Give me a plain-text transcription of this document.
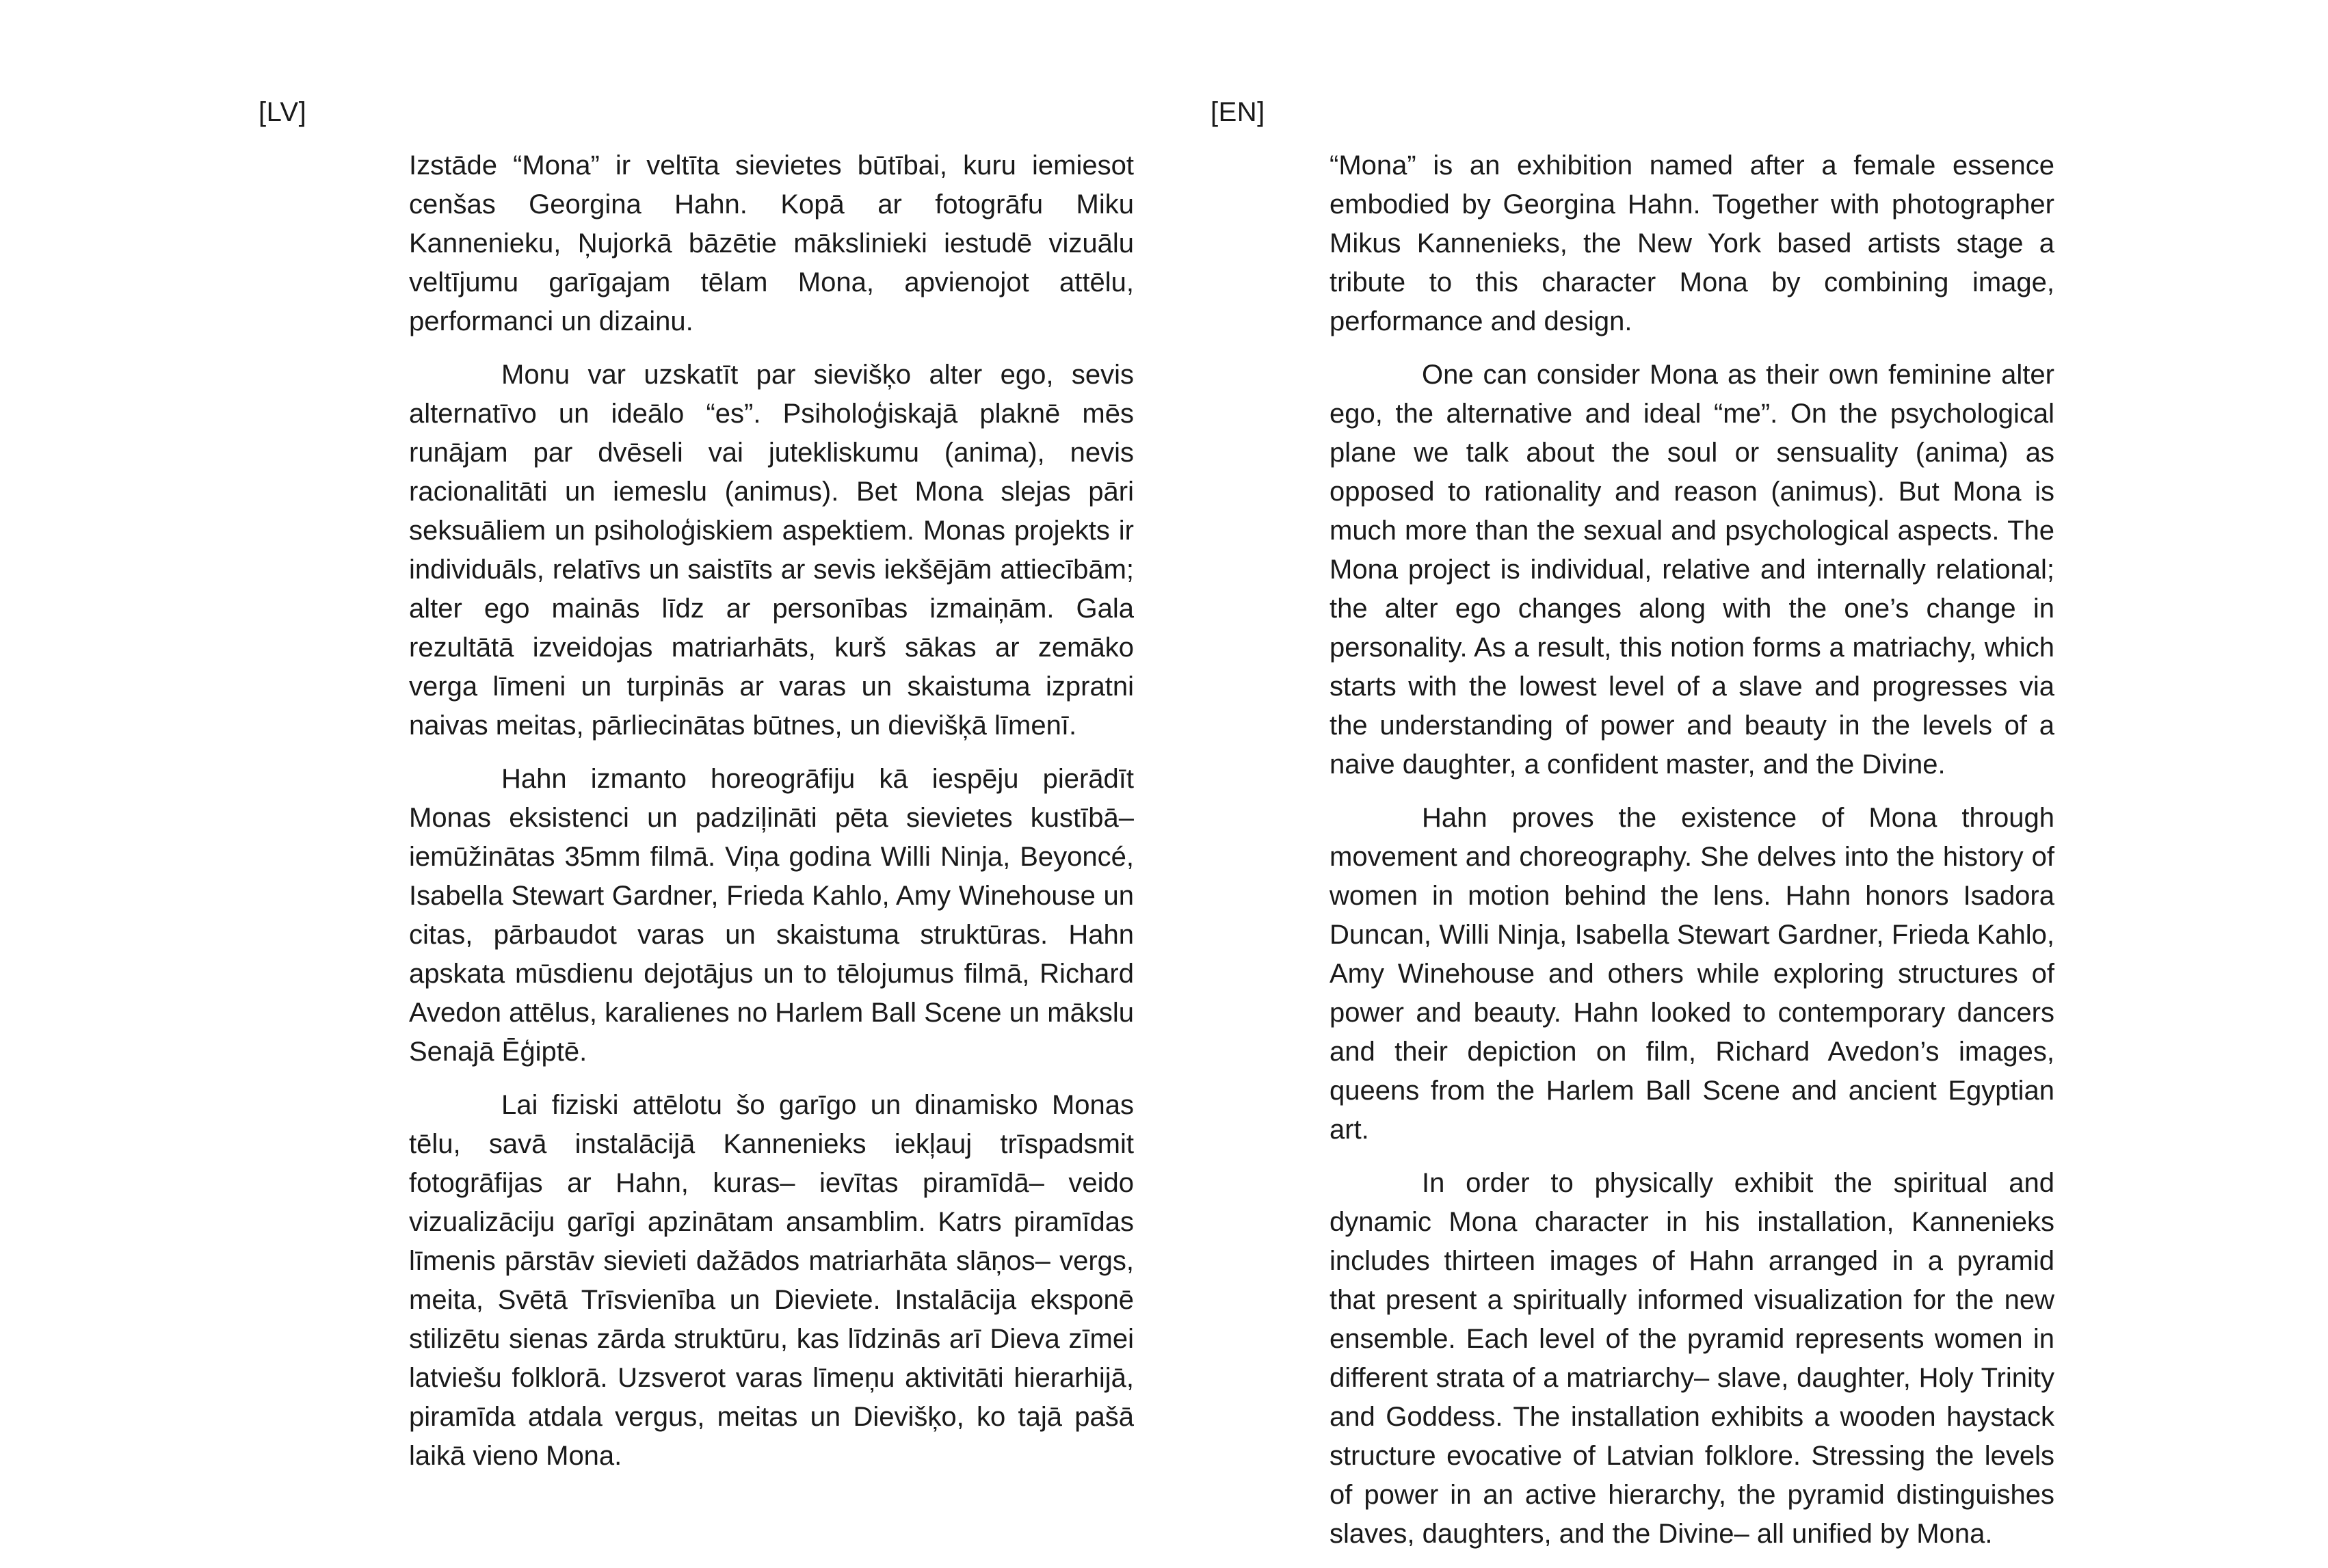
[LV]	[EN]

Izstāde “Mona” ir veltīta sievietes būtībai, kuru iemiesot cenšas Georgina Hahn. Kopā ar fotogrāfu Miku Kannenieku, Ņujorkā bāzētie mākslinieki iestudē vizuālu veltījumu garīgajam tēlam Mona, apvienojot attēlu, performanci un dizainu.

Monu var uzskatīt par sievišķo alter ego, sevis alternatīvo un ideālo “es”. Psiholoģiskajā plaknē mēs runājam par dvēseli vai jutekliskumu (anima), nevis racionalitāti un iemeslu (animus). Bet Mona slejas pāri seksuāliem un psiholoģiskiem aspektiem. Monas projekts ir individuāls, relatīvs un saistīts ar sevis iekšējām attiecībām; alter ego mainās līdz ar personības izmaiņām. Gala rezultātā izveidojas matriarhāts, kurš sākas ar zemāko verga līmeni un turpinās ar varas un skaistuma izpratni naivas meitas, pārliecinātas būtnes, un dievišķā līmenī.

Hahn izmanto horeogrāfiju kā iespēju pierādīt Monas eksistenci un padziļināti pēta sievietes kustībā– iemūžinātas 35mm filmā. Viņa godina Willi Ninja, Beyoncé, Isabella Stewart Gardner, Frieda Kahlo, Amy Winehouse un citas, pārbaudot varas un skaistuma struktūras. Hahn apskata mūsdienu dejotājus un to tēlojumus filmā, Richard Avedon attēlus, karalienes no Harlem Ball Scene un mākslu Senajā Ēģiptē.

Lai fiziski attēlotu šo garīgo un dinamisko Monas tēlu, savā instalācijā Kannenieks iekļauj trīspadsmit fotogrāfijas ar Hahn, kuras– ievītas piramīdā– veido vizualizāciju garīgi apzinātam ansamblim. Katrs piramīdas līmenis pārstāv sievieti dažādos matriarhāta slāņos– vergs, meita, Svētā Trīsvienība un Dieviete. Instalācija eksponē stilizētu sienas zārda struktūru, kas līdzinās arī Dieva zīmei latviešu folklorā. Uzsverot varas līmeņu aktivitāti hierarhijā, piramīda atdala vergus, meitas un Dievišķo, ko tajā pašā laikā vieno Mona.

“Mona” is an exhibition named after a female essence embodied by Georgina Hahn. Together with photographer Mikus Kannenieks, the New York based artists stage a tribute to this character Mona by combining image, performance and design.

One can consider Mona as their own feminine alter ego, the alternative and ideal “me”. On the psychological plane we talk about the soul or sensuality (anima) as opposed to rationality and reason (animus). But Mona is much more than the sexual and psychological aspects. The Mona project is individual, relative and internally relational; the alter ego changes along with the one’s change in personality. As a result, this notion forms a matriachy, which starts with the lowest level of a slave and progresses via the understanding of power and beauty in the levels of a naive daughter, a confident master, and the Divine.

Hahn proves the existence of Mona through movement and choreography. She delves into the history of women in motion behind the lens. Hahn honors Isadora Duncan, Willi Ninja, Isabella Stewart Gardner, Frieda Kahlo, Amy Winehouse and others while exploring structures of power and beauty. Hahn looked to contemporary dancers and their depiction on film, Richard Avedon’s images, queens from the Harlem Ball Scene and ancient Egyptian art.

In order to physically exhibit the spiritual and dynamic Mona character in his installation, Kannenieks includes thirteen images of Hahn arranged in a pyramid that present a spiritually informed visualization for the new ensemble. Each level of the pyramid represents women in different strata of a matriarchy– slave, daughter, Holy Trinity and Goddess. The installation exhibits a wooden haystack structure evocative of Latvian folklore. Stressing the levels of power in an active hierarchy, the pyramid distinguishes slaves, daughters, and the Divine– all unified by Mona.
